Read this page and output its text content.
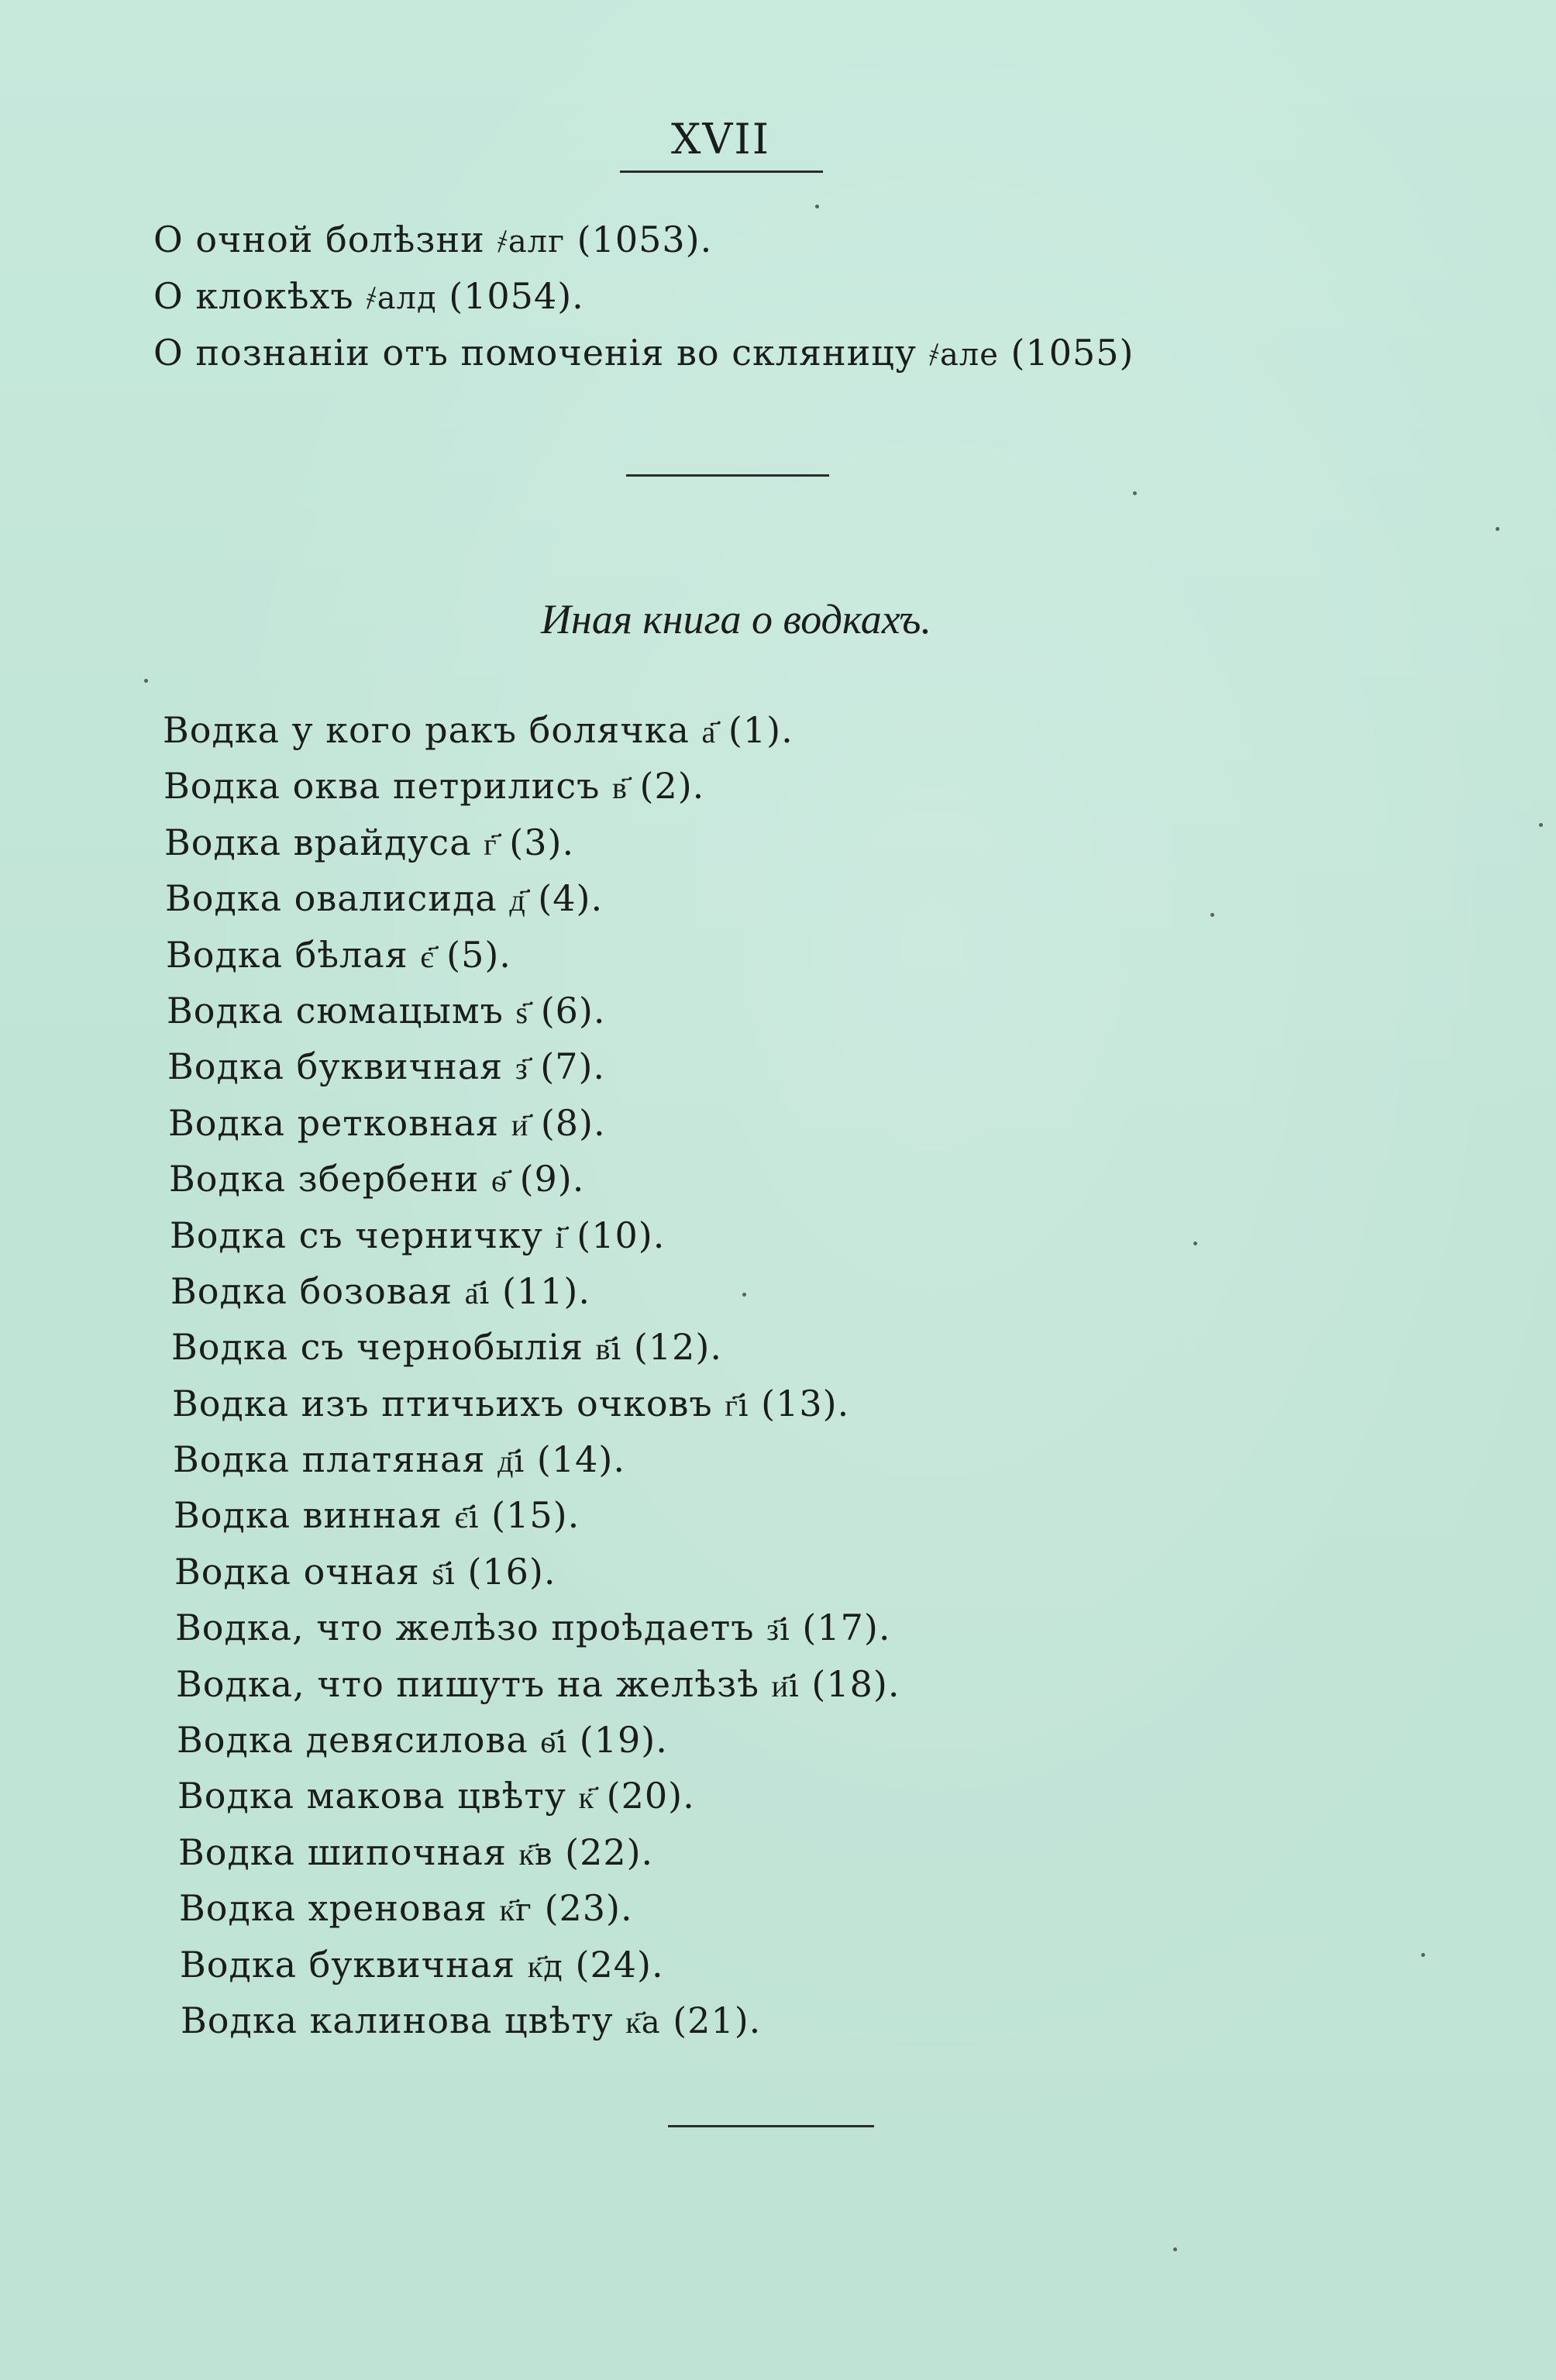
XVII
О очной болѣзни ҂алг (1053).
О клокѣхъ ҂алд (1054).
О познанiи отъ помоченiя во скляницу ҂але (1055)
Иная книга о водкахъ.
Водка у кого ракъ болячка а҃ (1).
Водка оква петрилисъ в҃ (2).
Водка врайдуса г҃ (3).
Водка овалисида д҃ (4).
Водка бѣлая є҃ (5).
Водка сюмацымъ ѕ҃ (6).
Водка буквичная з҃ (7).
Водка ретковная и҃ (8).
Водка збербени ѳ҃ (9).
Водка съ черничку і҃ (10).
Водка бозовая а҃і (11).
Водка съ чернобылiя в҃і (12).
Водка изъ птичьихъ очковъ г҃і (13).
Водка платяная д҃і (14).
Водка винная є҃і (15).
Водка очная ѕ҃і (16).
Водка, что желѣзо проѣдаетъ з҃і (17).
Водка, что пишутъ на желѣзѣ и҃і (18).
Водка девясилова ѳ҃і (19).
Водка макова цвѣту к҃ (20).
Водка шипочная к҃в (22).
Водка хреновая к҃г (23).
Водка буквичная к҃д (24).
Водка калинова цвѣту к҃а (21).
